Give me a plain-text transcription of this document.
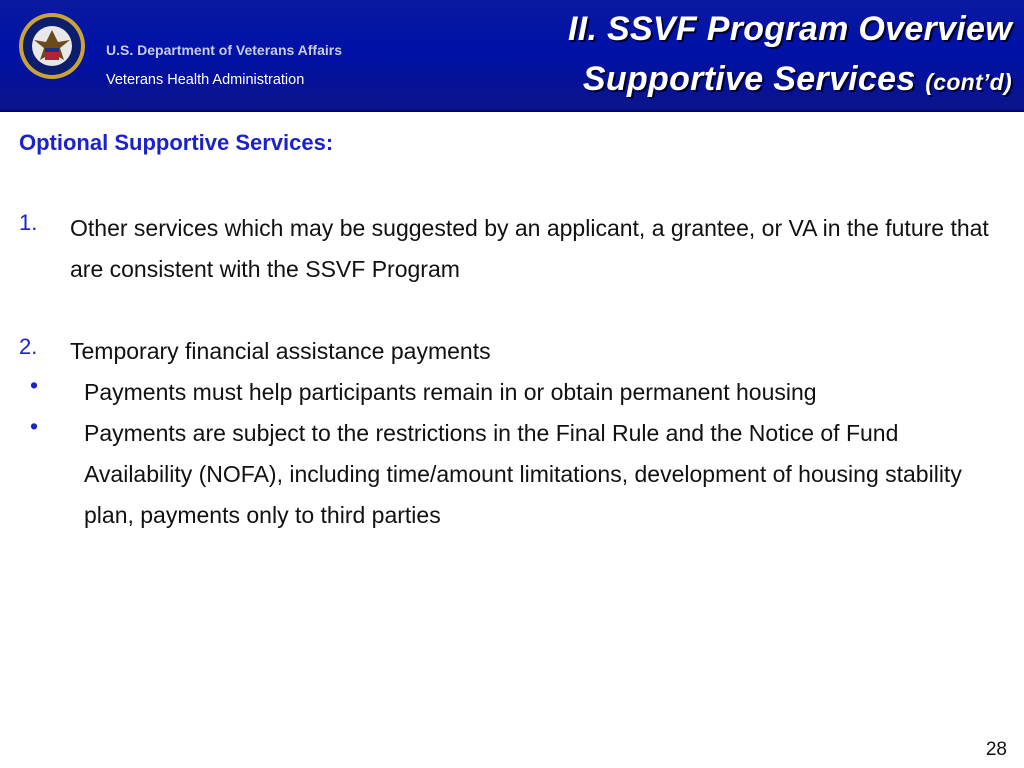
U.S. Department of Veterans Affairs
Veterans Health Administration
II. SSVF Program Overview
Supportive Services (cont’d)
Optional Supportive Services:
1. Other services which may be suggested by an applicant, a grantee, or VA in the future that are consistent with the SSVF Program
2. Temporary financial assistance payments
• Payments must help participants remain in or obtain permanent housing
• Payments are subject to the restrictions in the Final Rule and the Notice of Fund Availability (NOFA), including time/amount limitations, development of housing stability plan, payments only to third parties
28
